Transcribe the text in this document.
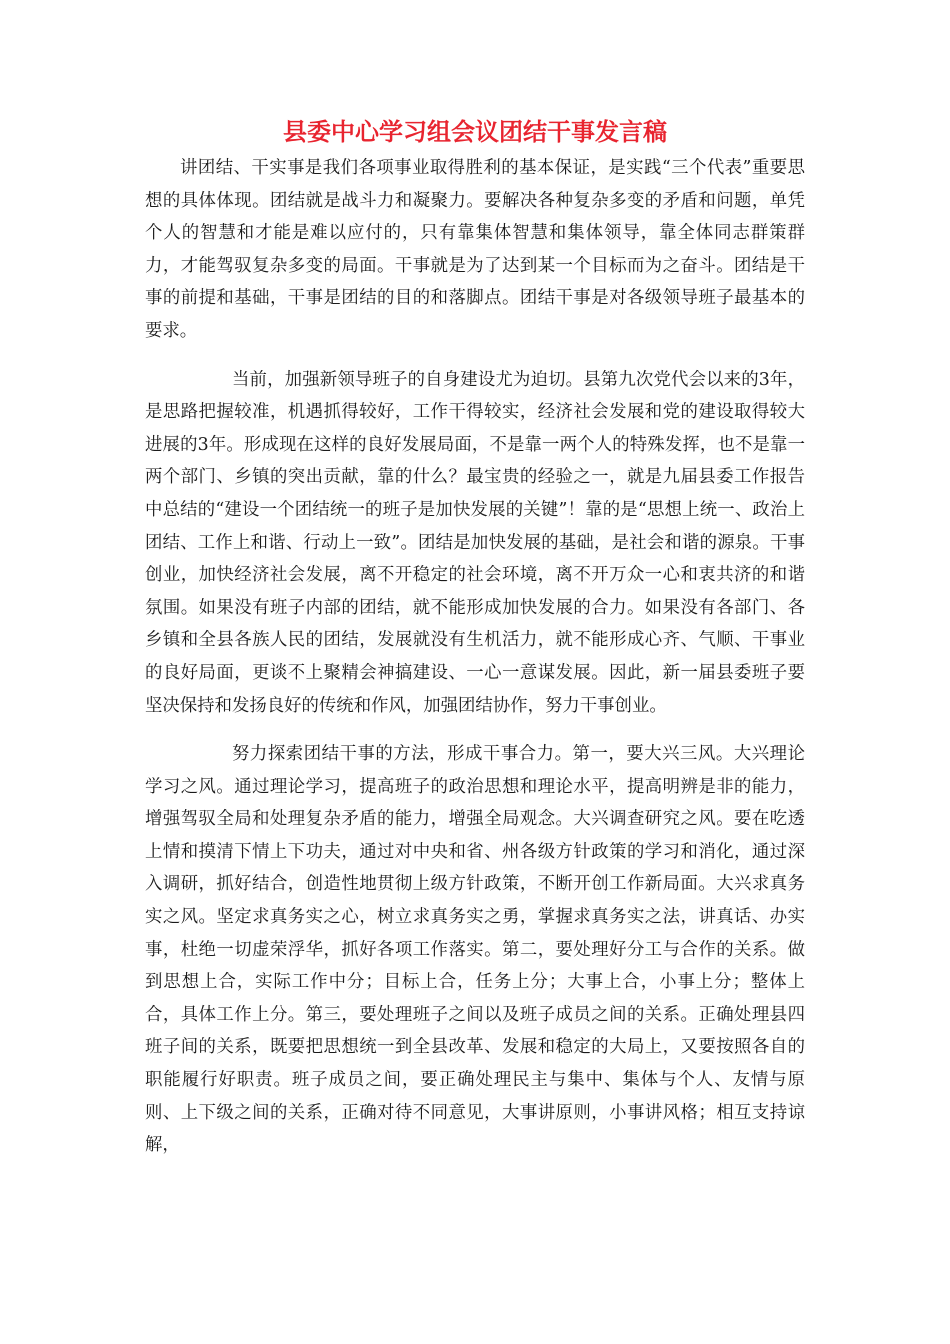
县委中心学习组会议团结干事发言稿

讲团结、干实事是我们各项事业取得胜利的基本保证，是实践“三个代表”重要思想的具体体现。团结就是战斗力和凝聚力。要解决各种复杂多变的矛盾和问题，单凭个人的智慧和才能是难以应付的，只有靠集体智慧和集体领导，靠全体同志群策群力，才能驾驭复杂多变的局面。干事就是为了达到某一个目标而为之奋斗。团结是干事的前提和基础，干事是团结的目的和落脚点。团结干事是对各级领导班子最基本的要求。

当前，加强新领导班子的自身建设尤为迫切。县第九次党代会以来的3年，是思路把握较准，机遇抓得较好，工作干得较实，经济社会发展和党的建设取得较大进展的3年。形成现在这样的良好发展局面，不是靠一两个人的特殊发挥，也不是靠一两个部门、乡镇的突出贡献，靠的什么？最宝贵的经验之一，就是九届县委工作报告中总结的“建设一个团结统一的班子是加快发展的关键”！靠的是“思想上统一、政治上团结、工作上和谐、行动上一致”。团结是加快发展的基础，是社会和谐的源泉。干事创业，加快经济社会发展，离不开稳定的社会环境，离不开万众一心和衷共济的和谐氛围。如果没有班子内部的团结，就不能形成加快发展的合力。如果没有各部门、各乡镇和全县各族人民的团结，发展就没有生机活力，就不能形成心齐、气顺、干事业的良好局面，更谈不上聚精会神搞建设、一心一意谋发展。因此，新一届县委班子要坚决保持和发扬良好的传统和作风，加强团结协作，努力干事创业。

努力探索团结干事的方法，形成干事合力。第一，要大兴三风。大兴理论学习之风。通过理论学习，提高班子的政治思想和理论水平，提高明辨是非的能力，增强驾驭全局和处理复杂矛盾的能力，增强全局观念。大兴调查研究之风。要在吃透上情和摸清下情上下功夫，通过对中央和省、州各级方针政策的学习和消化，通过深入调研，抓好结合，创造性地贯彻上级方针政策，不断开创工作新局面。大兴求真务实之风。坚定求真务实之心，树立求真务实之勇，掌握求真务实之法，讲真话、办实事，杜绝一切虚荣浮华，抓好各项工作落实。第二，要处理好分工与合作的关系。做到思想上合，实际工作中分；目标上合，任务上分；大事上合，小事上分；整体上合，具体工作上分。第三，要处理班子之间以及班子成员之间的关系。正确处理县四班子间的关系，既要把思想统一到全县改革、发展和稳定的大局上，又要按照各自的职能履行好职责。班子成员之间，要正确处理民主与集中、集体与个人、友情与原则、上下级之间的关系，正确对待不同意见，大事讲原则，小事讲风格；相互支持谅解，
